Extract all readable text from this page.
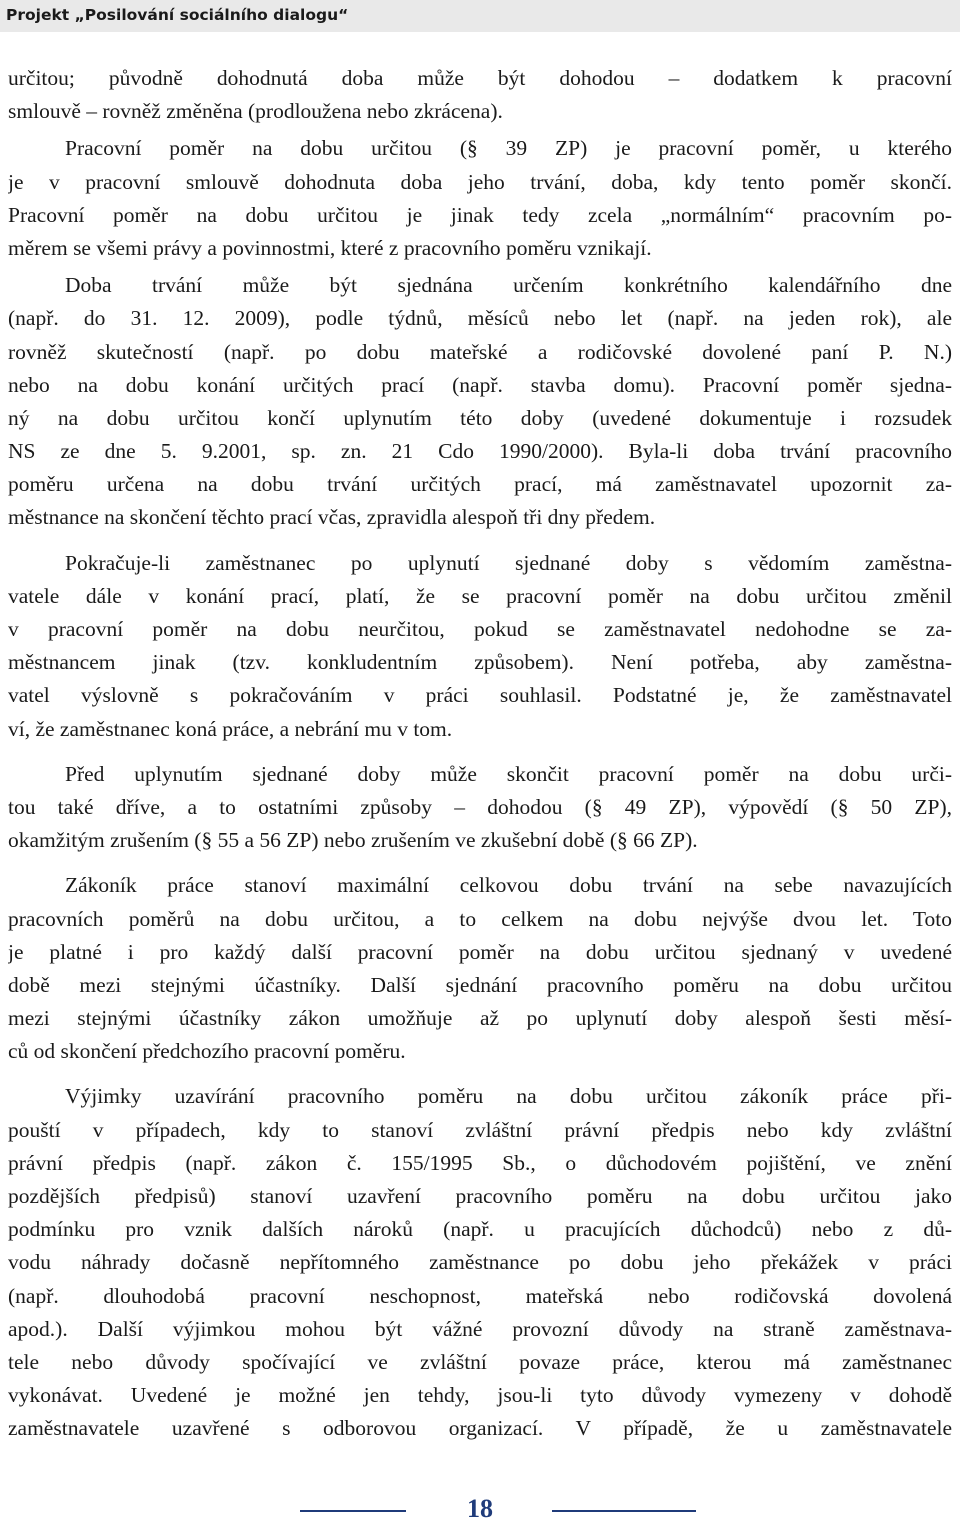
Projekt „Posilování sociálního dialogu“
určitou; původně dohodnutá doba může být dohodou – dodatkem k pracovní
smlouvě – rovněž změněna (prodloužena nebo zkrácena).
Pracovní poměr na dobu určitou (§ 39 ZP) je pracovní poměr, u kterého
je v pracovní smlouvě dohodnuta doba jeho trvání, doba, kdy tento poměr skončí.
Pracovní poměr na dobu určitou je jinak tedy zcela „normálním“ pracovním po-
měrem se všemi právy a povinnostmi, které z pracovního poměru vznikají.
Doba trvání může být sjednána určením konkrétního kalendářního dne
(např. do 31. 12. 2009), podle týdnů, měsíců nebo let (např. na jeden rok), ale
rovněž skutečností (např. po dobu mateřské a rodičovské dovolené paní P. N.)
nebo na dobu konání určitých prací (např. stavba domu). Pracovní poměr sjedna-
ný na dobu určitou končí uplynutím této doby (uvedené dokumentuje i rozsudek
NS ze dne 5. 9.2001, sp. zn. 21 Cdo 1990/2000). Byla-li doba trvání pracovního
poměru určena na dobu trvání určitých prací, má zaměstnavatel upozornit za-
městnance na skončení těchto prací včas, zpravidla alespoň tři dny předem.
Pokračuje-li zaměstnanec po uplynutí sjednané doby s vědomím zaměstna-
vatele dále v konání prací, platí, že se pracovní poměr na dobu určitou změnil
v pracovní poměr na dobu neurčitou, pokud se zaměstnavatel nedohodne se za-
městnancem jinak (tzv. konkludentním způsobem). Není potřeba, aby zaměstna-
vatel výslovně s pokračováním v práci souhlasil. Podstatné je, že zaměstnavatel
ví, že zaměstnanec koná práce, a nebrání mu v tom.
Před uplynutím sjednané doby může skončit pracovní poměr na dobu urči-
tou také dříve, a to ostatními způsoby – dohodou (§ 49 ZP), výpovědí (§ 50 ZP),
okamžitým zrušením (§ 55 a 56 ZP) nebo zrušením ve zkušební době (§ 66 ZP).
Zákoník práce stanoví maximální celkovou dobu trvání na sebe navazujících
pracovních poměrů na dobu určitou, a to celkem na dobu nejvýše dvou let. Toto
je platné i pro každý další pracovní poměr na dobu určitou sjednaný v uvedené
době mezi stejnými účastníky. Další sjednání pracovního poměru na dobu určitou
mezi stejnými účastníky zákon umožňuje až po uplynutí doby alespoň šesti měsí-
ců od skončení předchozího pracovní poměru.
Výjimky uzavírání pracovního poměru na dobu určitou zákoník práce při-
pouští v případech, kdy to stanoví zvláštní právní předpis nebo kdy zvláštní
právní předpis (např. zákon č. 155/1995 Sb., o důchodovém pojištění, ve znění
pozdějších předpisů) stanoví uzavření pracovního poměru na dobu určitou jako
podmínku pro vznik dalších nároků (např. u pracujících důchodců) nebo z dů-
vodu náhrady dočasně nepřítomného zaměstnance po dobu jeho překážek v práci
(např. dlouhodobá pracovní neschopnost, mateřská nebo rodičovská dovolená
apod.). Další výjimkou mohou být vážné provozní důvody na straně zaměstnava-
tele nebo důvody spočívající ve zvláštní povaze práce, kterou má zaměstnanec
vykonávat. Uvedené je možné jen tehdy, jsou-li tyto důvody vymezeny v dohodě
zaměstnavatele uzavřené s odborovou organizací. V případě, že u zaměstnavatele
18
